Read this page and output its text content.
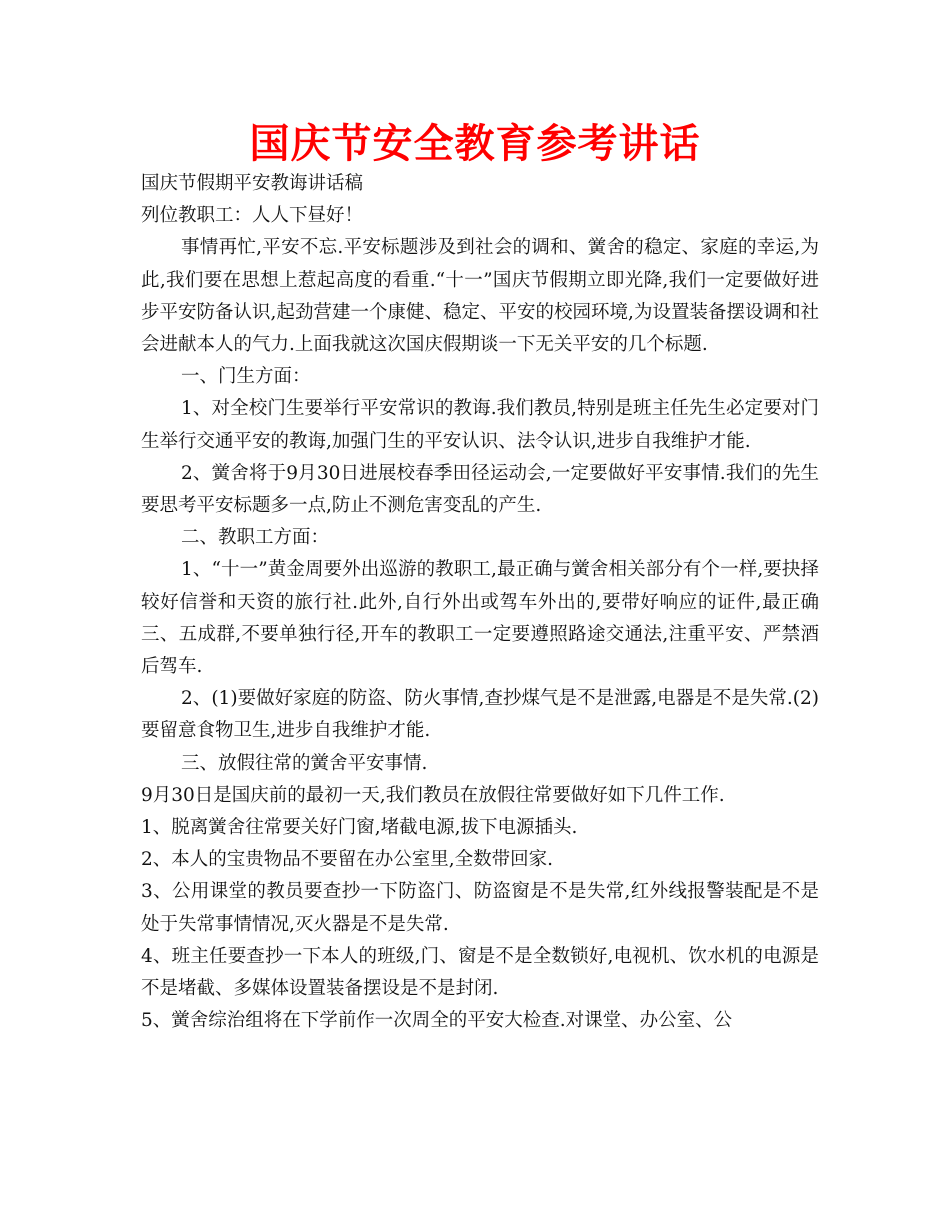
国庆节安全教育参考讲话

国庆节假期平安教诲讲话稿

列位教职工：人人下昼好！

事情再忙,平安不忘.平安标题涉及到社会的调和、黉舍的稳定、家庭的幸运,为此,我们要在思想上惹起高度的看重.“十一”国庆节假期立即光降,我们一定要做好进步平安防备认识,起劲营建一个康健、稳定、平安的校园环境,为设置装备摆设调和社会进献本人的气力.上面我就这次国庆假期谈一下无关平安的几个标题.

一、门生方面：

1、对全校门生要举行平安常识的教诲.我们教员,特别是班主任先生必定要对门生举行交通平安的教诲,加强门生的平安认识、法令认识,进步自我维护才能.

2、黉舍将于9月30日进展校春季田径运动会,一定要做好平安事情.我们的先生要思考平安标题多一点,防止不测危害变乱的产生.

二、教职工方面：

1、“十一”黄金周要外出巡游的教职工,最正确与黉舍相关部分有个一样,要抉择较好信誉和天资的旅行社.此外,自行外出或驾车外出的,要带好响应的证件,最正确三、五成群,不要单独行径,开车的教职工一定要遵照路途交通法,注重平安、严禁酒后驾车.

2、(1)要做好家庭的防盗、防火事情,查抄煤气是不是泄露,电器是不是失常.(2)要留意食物卫生,进步自我维护才能.

三、放假往常的黉舍平安事情.

9月30日是国庆前的最初一天,我们教员在放假往常要做好如下几件工作.

1、脱离黉舍往常要关好门窗,堵截电源,拔下电源插头.

2、本人的宝贵物品不要留在办公室里,全数带回家.

3、公用课堂的教员要查抄一下防盗门、防盗窗是不是失常,红外线报警装配是不是处于失常事情情况,灭火器是不是失常.

4、班主任要查抄一下本人的班级,门、窗是不是全数锁好,电视机、饮水机的电源是不是堵截、多媒体设置装备摆设是不是封闭.

5、黉舍综治组将在下学前作一次周全的平安大检查.对课堂、办公室、公
